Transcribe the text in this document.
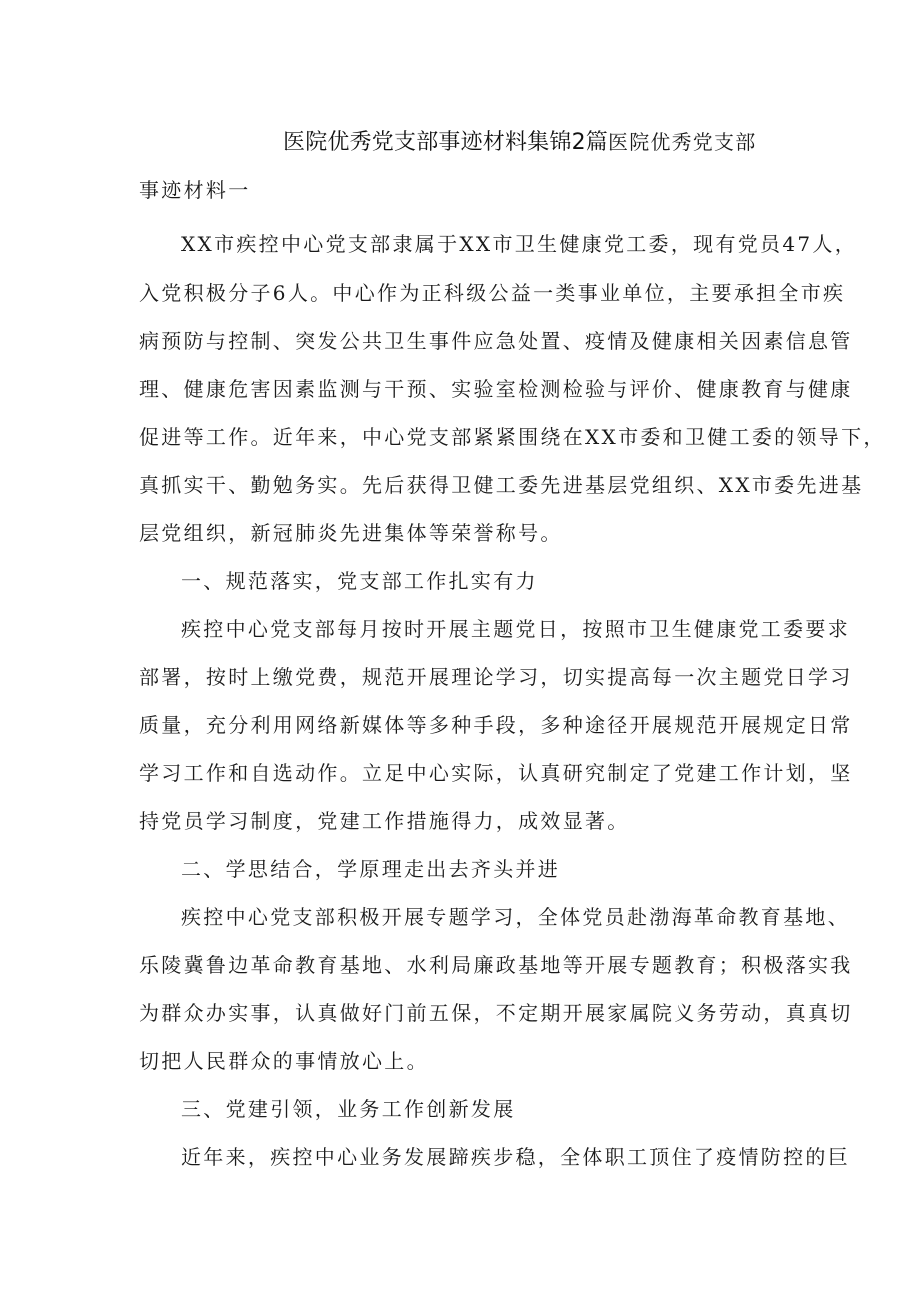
医院优秀党支部事迹材料集锦2篇医院优秀党支部
事迹材料一
XX市疾控中心党支部隶属于XX市卫生健康党工委，现有党员47人，
入党积极分子6人。中心作为正科级公益一类事业单位，主要承担全市疾
病预防与控制、突发公共卫生事件应急处置、疫情及健康相关因素信息管
理、健康危害因素监测与干预、实验室检测检验与评价、健康教育与健康
促进等工作。近年来，中心党支部紧紧围绕在XX市委和卫健工委的领导下，
真抓实干、勤勉务实。先后获得卫健工委先进基层党组织、XX市委先进基
层党组织，新冠肺炎先进集体等荣誉称号。
一、规范落实，党支部工作扎实有力
疾控中心党支部每月按时开展主题党日，按照市卫生健康党工委要求
部署，按时上缴党费，规范开展理论学习，切实提高每一次主题党日学习
质量，充分利用网络新媒体等多种手段，多种途径开展规范开展规定日常
学习工作和自选动作。立足中心实际，认真研究制定了党建工作计划，坚
持党员学习制度，党建工作措施得力，成效显著。
二、学思结合，学原理走出去齐头并进
疾控中心党支部积极开展专题学习，全体党员赴渤海革命教育基地、
乐陵冀鲁边革命教育基地、水利局廉政基地等开展专题教育；积极落实我
为群众办实事，认真做好门前五保，不定期开展家属院义务劳动，真真切
切把人民群众的事情放心上。
三、党建引领，业务工作创新发展
近年来，疾控中心业务发展蹄疾步稳，全体职工顶住了疫情防控的巨
